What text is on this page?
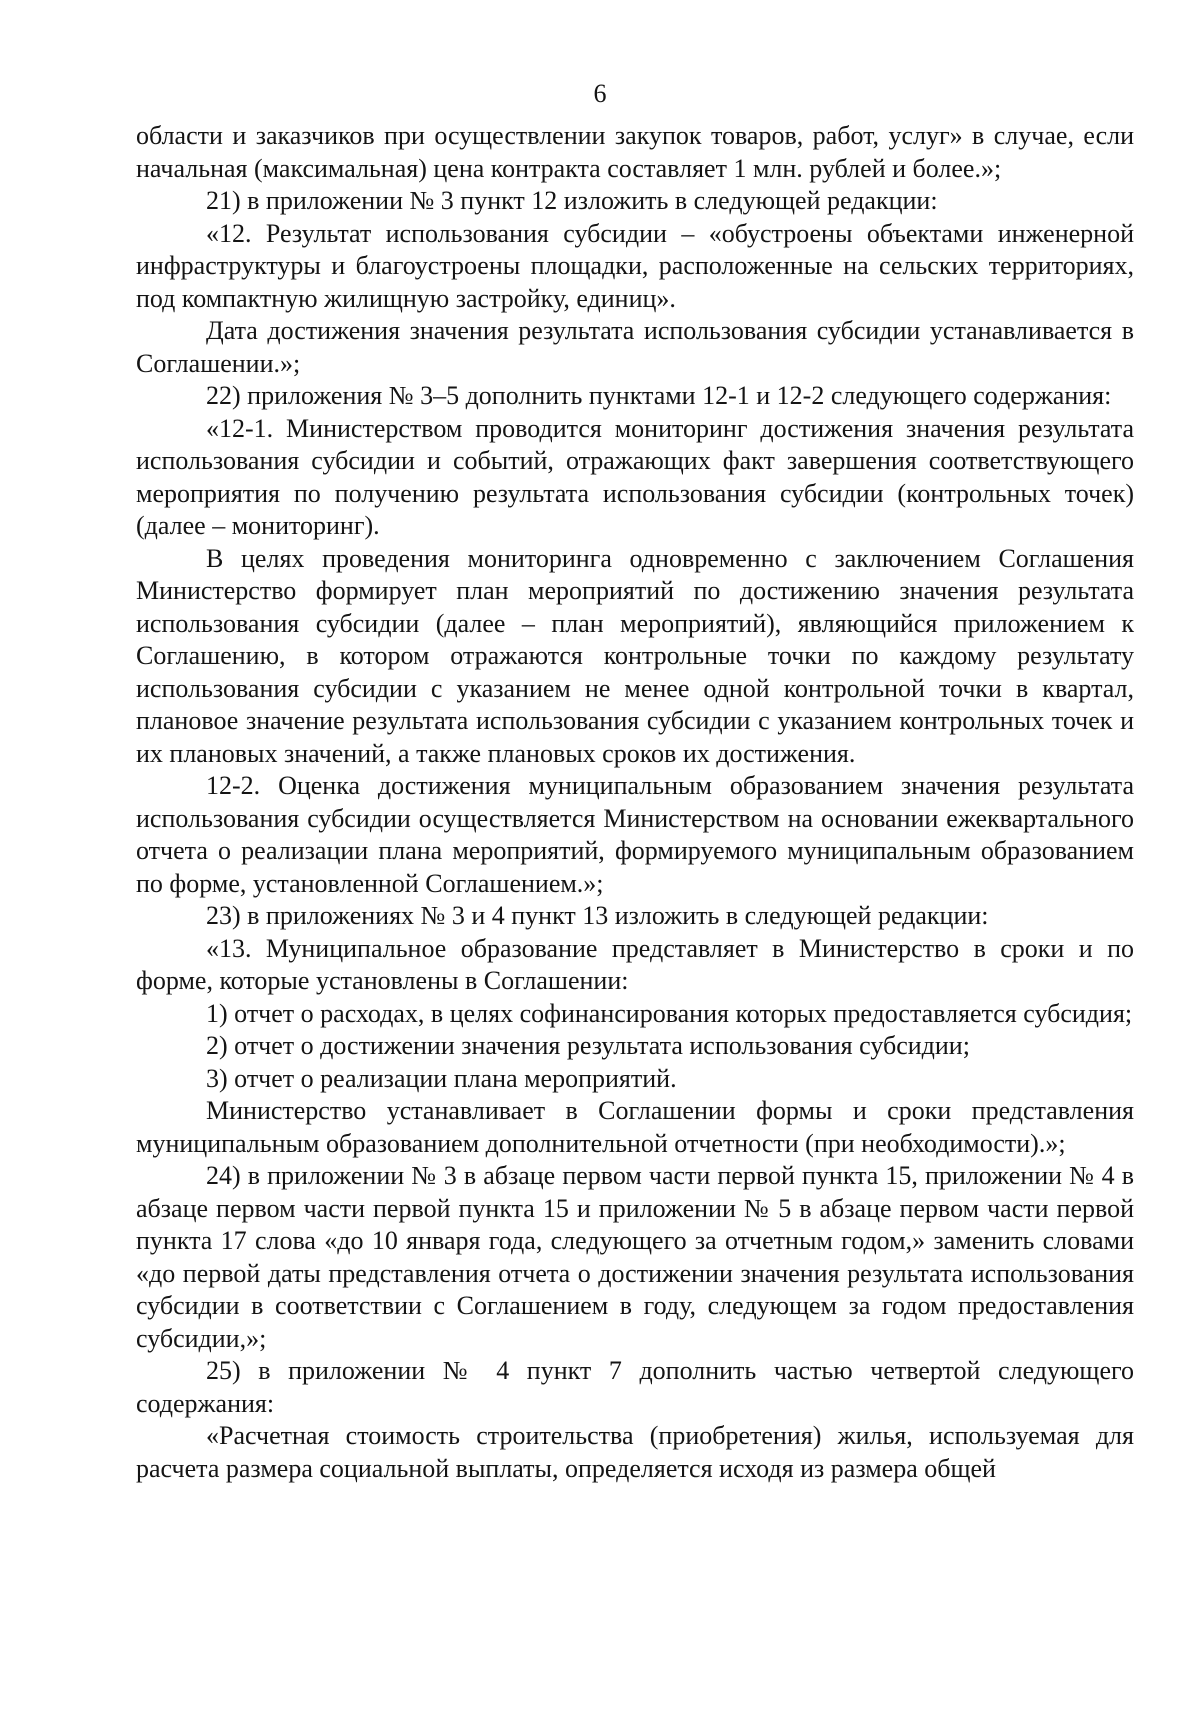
6

области и заказчиков при осуществлении закупок товаров, работ, услуг» в случае, если начальная (максимальная) цена контракта составляет 1 млн. рублей и более.»;

21) в приложении № 3 пункт 12 изложить в следующей редакции:

«12. Результат использования субсидии – «обустроены объектами инженерной инфраструктуры и благоустроены площадки, расположенные на сельских территориях, под компактную жилищную застройку, единиц».

Дата достижения значения результата использования субсидии устанавливается в Соглашении.»;

22) приложения № 3–5 дополнить пунктами 12-1 и 12-2 следующего содержания:

«12-1. Министерством проводится мониторинг достижения значения результата использования субсидии и событий, отражающих факт завершения соответствующего мероприятия по получению результата использования субсидии (контрольных точек) (далее – мониторинг).

В целях проведения мониторинга одновременно с заключением Соглашения Министерство формирует план мероприятий по достижению значения результата использования субсидии (далее – план мероприятий), являющийся приложением к Соглашению, в котором отражаются контрольные точки по каждому результату использования субсидии с указанием не менее одной контрольной точки в квартал, плановое значение результата использования субсидии с указанием контрольных точек и их плановых значений, а также плановых сроков их достижения.

12-2. Оценка достижения муниципальным образованием значения результата использования субсидии осуществляется Министерством на основании ежеквартального отчета о реализации плана мероприятий, формируемого муниципальным образованием по форме, установленной Соглашением.»;

23) в приложениях № 3 и 4 пункт 13 изложить в следующей редакции:

«13. Муниципальное образование представляет в Министерство в сроки и по форме, которые установлены в Соглашении:

1) отчет о расходах, в целях софинансирования которых предоставляется субсидия;

2) отчет о достижении значения результата использования субсидии;

3) отчет о реализации плана мероприятий.

Министерство устанавливает в Соглашении формы и сроки представления муниципальным образованием дополнительной отчетности (при необходимости).»;

24) в приложении № 3 в абзаце первом части первой пункта 15, приложении № 4 в абзаце первом части первой пункта 15 и приложении № 5 в абзаце первом части первой пункта 17 слова «до 10 января года, следующего за отчетным годом,» заменить словами «до первой даты представления отчета о достижении значения результата использования субсидии в соответствии с Соглашением в году, следующем за годом предоставления субсидии,»;

25) в приложении № 4 пункт 7 дополнить частью четвертой следующего содержания:

«Расчетная стоимость строительства (приобретения) жилья, используемая для расчета размера социальной выплаты, определяется исходя из размера общей
